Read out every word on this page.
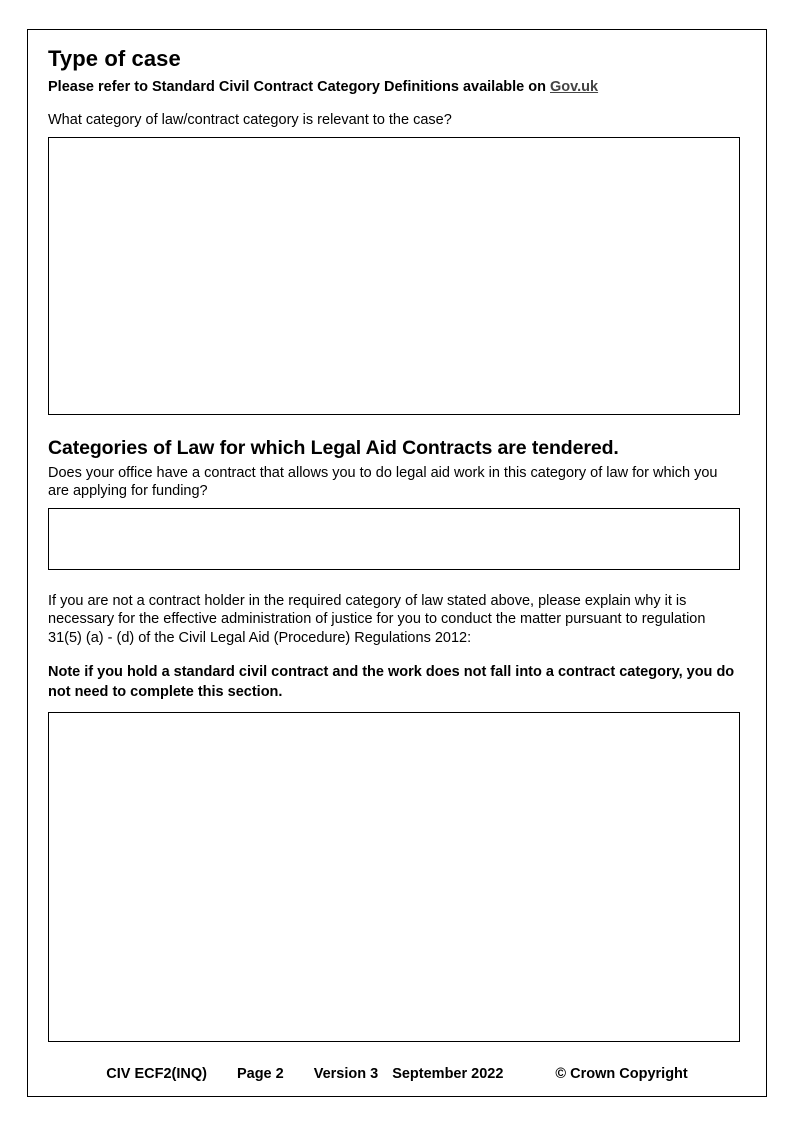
Type of case

Please refer to Standard Civil Contract Category Definitions available on Gov.uk

What category of law/contract category is relevant to the case?

Categories of Law for which Legal Aid Contracts are tendered.

Does your office have a contract that allows you to do legal aid work in this category of law for which you are applying for funding?

If you are not a contract holder in the required category of law stated above, please explain why it is necessary for the effective administration of justice for you to conduct the matter pursuant to regulation 31(5) (a) - (d) of the Civil Legal Aid (Procedure) Regulations 2012:

Note if you hold a standard civil contract and the work does not fall into a contract category, you do not need to complete this section.

CIV ECF2(INQ) Page 2 Version 3 September 2022	© Crown Copyright
